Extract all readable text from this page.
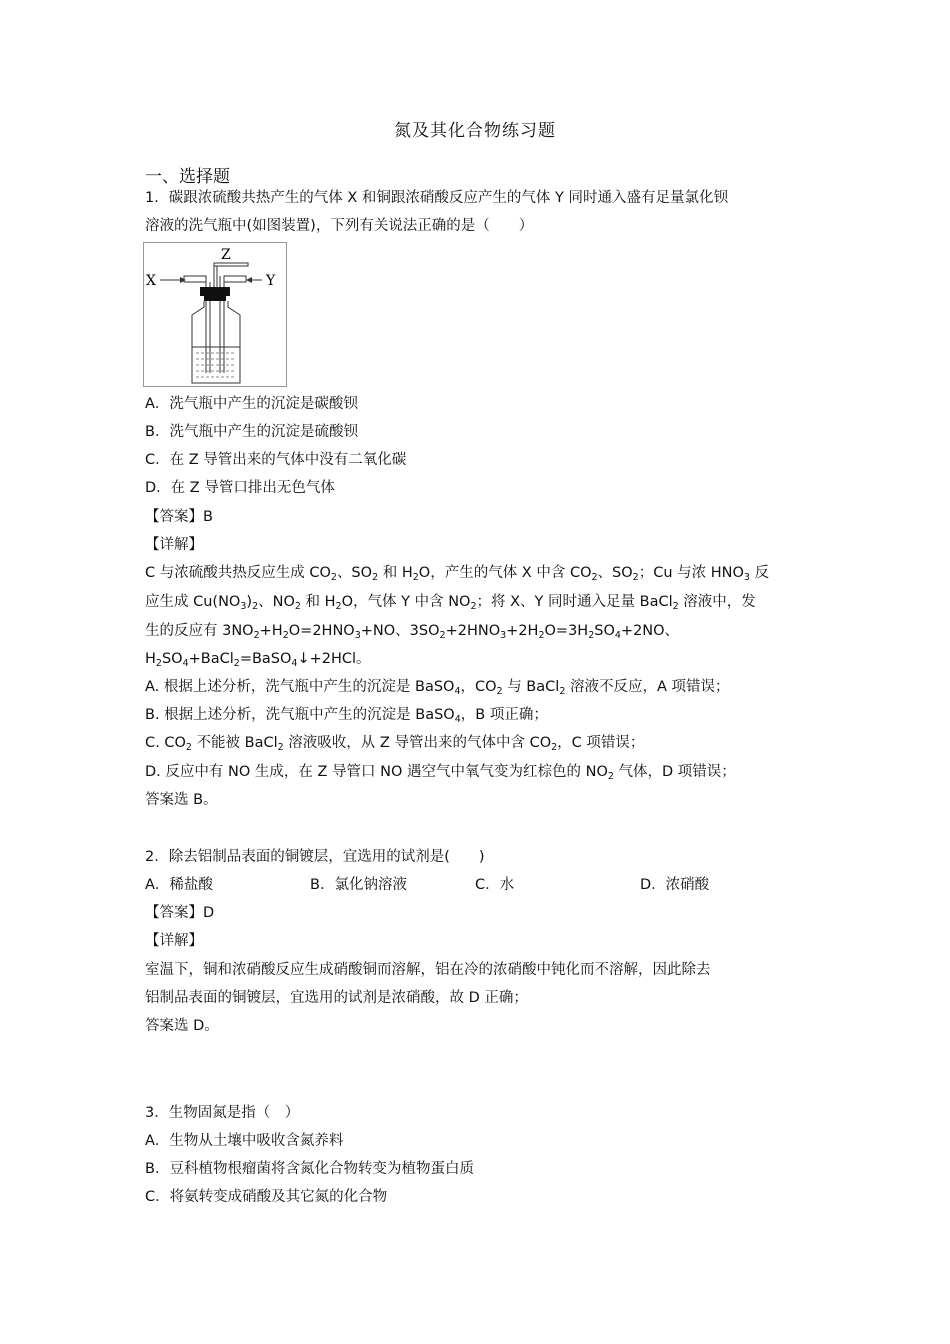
氮及其化合物练习题
一、选择题
1．碳跟浓硫酸共热产生的气体 X 和铜跟浓硝酸反应产生的气体 Y 同时通入盛有足量氯化钡
溶液的洗气瓶中(如图装置)，下列有关说法正确的是（　　）
Z
X	Y
A．洗气瓶中产生的沉淀是碳酸钡
B．洗气瓶中产生的沉淀是硫酸钡
C．在 Z 导管出来的气体中没有二氧化碳
D．在 Z 导管口排出无色气体
【答案】B
【详解】
C 与浓硫酸共热反应生成 $CO_2$、$SO_2$ 和 $H_2O$，产生的气体 X 中含 $CO_2$、$SO_2$；Cu 与浓 $HNO_3$ 反
应生成 $Cu(NO_3)_2$、$NO_2$ 和 $H_2O$，气体 Y 中含 $NO_2$；将 X、Y 同时通入足量 BaCl$_2$ 溶液中，发
生的反应有 $3NO_2+H_2O=2HNO_3+NO$、$3SO_2+2HNO_3+2H_2O=3H_2SO_4+2NO$、
$H_2SO_4+BaCl_2=BaSO_4↓+2HCl$。
A. 根据上述分析，洗气瓶中产生的沉淀是 BaSO$_4$，$CO_2$ 与 BaCl$_2$ 溶液不反应，A 项错误；
B. 根据上述分析，洗气瓶中产生的沉淀是 BaSO$_4$，B 项正确；
C. $CO_2$ 不能被 BaCl$_2$ 溶液吸收，从 Z 导管出来的气体中含 $CO_2$，C 项错误；
D. 反应中有 NO 生成，在 Z 导管口 NO 遇空气中氧气变为红棕色的 $NO_2$ 气体，D 项错误；
答案选 B。
2．除去铝制品表面的铜镀层，宜选用的试剂是(　　)
A．稀盐酸	B．氯化钠溶液	C．水	D．浓硝酸
【答案】D
【详解】
室温下，铜和浓硝酸反应生成硝酸铜而溶解，铝在冷的浓硝酸中钝化而不溶解，因此除去
铝制品表面的铜镀层，宜选用的试剂是浓硝酸，故 D 正确；
答案选 D。
3．生物固氮是指（　）
A．生物从土壤中吸收含氮养料
B．豆科植物根瘤菌将含氮化合物转变为植物蛋白质
C．将氨转变成硝酸及其它氮的化合物
